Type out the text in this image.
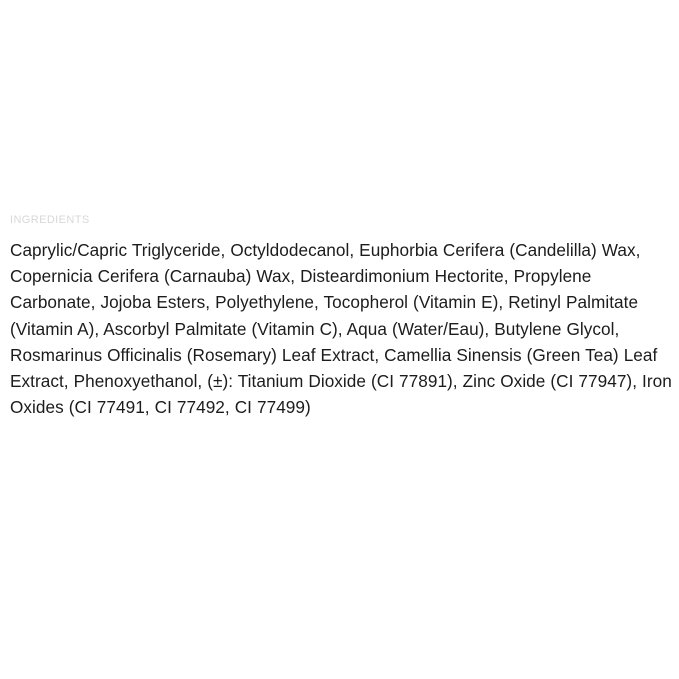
INGREDIENTS
Caprylic/Capric Triglyceride, Octyldodecanol, Euphorbia Cerifera (Candelilla) Wax, Copernicia Cerifera (Carnauba) Wax, Disteardimonium Hectorite, Propylene Carbonate, Jojoba Esters, Polyethylene, Tocopherol (Vitamin E), Retinyl Palmitate (Vitamin A), Ascorbyl Palmitate (Vitamin C), Aqua (Water/Eau), Butylene Glycol, Rosmarinus Officinalis (Rosemary) Leaf Extract, Camellia Sinensis (Green Tea) Leaf Extract, Phenoxyethanol, (±): Titanium Dioxide (CI 77891), Zinc Oxide (CI 77947), Iron Oxides (CI 77491, CI 77492, CI 77499)
